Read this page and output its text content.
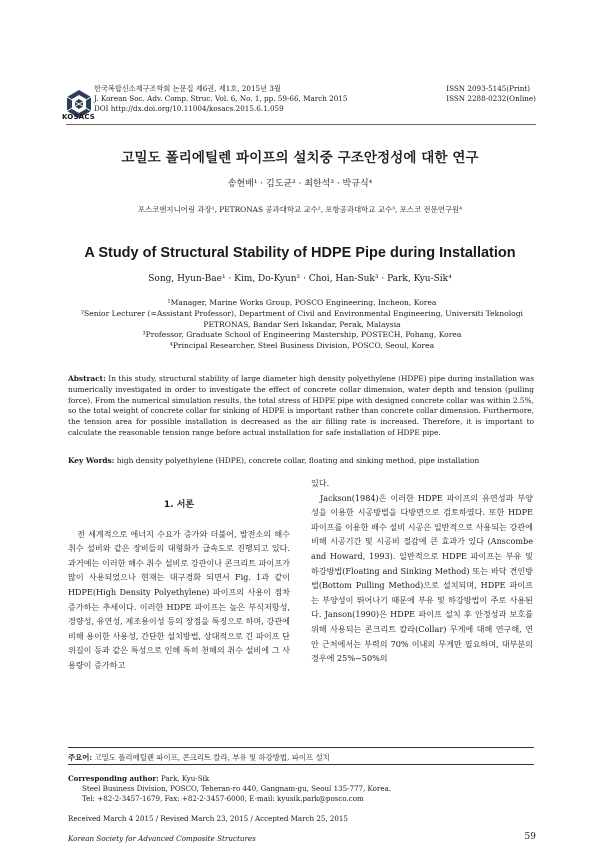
KOSACS
한국복합신소재구조학회 논문집 제6권, 제1호, 2015년 3월
J. Korean Soc. Adv. Comp. Struc. Vol. 6, No. 1, pp. 59-66, March 2015
DOI http://dx.doi.org/10.11004/kosacs.2015.6.1.059
ISSN 2093-5145(Print)
ISSN 2288-0232(Online)
고밀도 폴리에틸렌 파이프의 설치중 구조안정성에 대한 연구
송현배¹ · 김도균² · 최한석³ · 박규식⁴
포스코엔지니어링 과장¹, PETRONAS 공과대학교 교수², 포항공과대학교 교수³, 포스코 전문연구원⁴
A Study of Structural Stability of HDPE Pipe during Installation
Song, Hyun-Bae¹ · Kim, Do-Kyun² · Choi, Han-Suk³ · Park, Kyu-Sik⁴
¹Manager, Marine Works Group, POSCO Engineering, Incheon, Korea
²Senior Lecturer (=Assistant Professor), Department of Civil and Environmental Engineering, Universiti Teknologi
PETRONAS, Bandar Seri Iskandar, Perak, Malaysia
³Professor, Graduate School of Engineering Mastership, POSTECH, Pohang, Korea
⁴Principal Researcher, Steel Business Division, POSCO, Seoul, Korea
Abstract: In this study, structural stability of large diameter high density polyethylene (HDPE) pipe during installation was numerically investigated in order to investigate the effect of concrete collar dimension, water depth and tension (pulling force). From the numerical simulation results, the total stress of HDPE pipe with designed concrete collar was within 2.5%, so the total weight of concrete collar for sinking of HDPE is important rather than concrete collar dimension. Furthermore, the tension area for possible installation is decreased as the air filling rate is increased. Therefore, it is important to calculate the reasonable tension range before actual installation for safe installation of HDPE pipe.
Key Words: high density polyethylene (HDPE), concrete collar, floating and sinking method, pipe installation
1. 서론
전 세계적으로 에너지 수요가 증가와 더불어, 발전소의 해수 취수 설비와 같은 장비들의 대형화가 급속도로 진행되고 있다. 과거에는 이러한 해수 취수 설비로 강관이나 콘크리트 파이프가 많이 사용되었으나 현재는 대구경화 되면서 Fig. 1과 같이 HDPE(High Density Polyethylene) 파이프의 사용이 점차 증가하는 추세이다. 이러한 HDPE 파이프는 높은 부식저항성, 경량성, 유연성, 제조용이성 등의 장점을 특징으로 하며, 강관에 비해 용이한 사용성, 간단한 설치방법, 상대적으로 긴 파이프 단위길이 등과 같은 특성으로 인해 특히 천해의 취수 설비에 그 사용량이 증가하고
있다.
Jackson(1984)은 이러한 HDPE 파이프의 유연성과 부양성을 이용한 시공방법을 다방면으로 검토하였다. 또한 HDPE 파이프를 이용한 배수 설비 시공은 일반적으로 사용되는 강관에 비해 시공기간 및 시공비 절감에 큰 효과가 있다 (Anscombe and Howard, 1993). 일반적으로 HDPE 파이프는 부유 및 하강방법(Floating and Sinking Method) 또는 바닥 견인방법(Bottom Pulling Method)으로 설치되며, HDPE 파이프는 부양성이 뛰어나기 때문에 부유 및 하강방법이 주로 사용된다. Janson(1990)은 HDPE 파이프 설치 후 안정성과 보호를 위해 사용되는 콘크리트 칼라(Collar) 무게에 대해 연구해, 연안 근처에서는 부력의 70% 이내의 무게만 필요하며, 대부분의 경우에 25%~50%의
주요어: 고밀도 폴리에틸렌 파이프, 콘크리트 칼라, 부유 및 하강방법, 파이프 설치
Corresponding author: Park, Kyu-Sik
Steel Business Division, POSCO, Teheran-ro 440, Gangnam-gu, Seoul 135-777, Korea.
Tel: +82-2-3457-1679, Fax: +82-2-3457-6000, E-mail: kyusik.park@posco.com
Received March 4 2015 / Revised March 23, 2015 / Accepted March 25, 2015
Korean Society for Advanced Composite Structures	59
